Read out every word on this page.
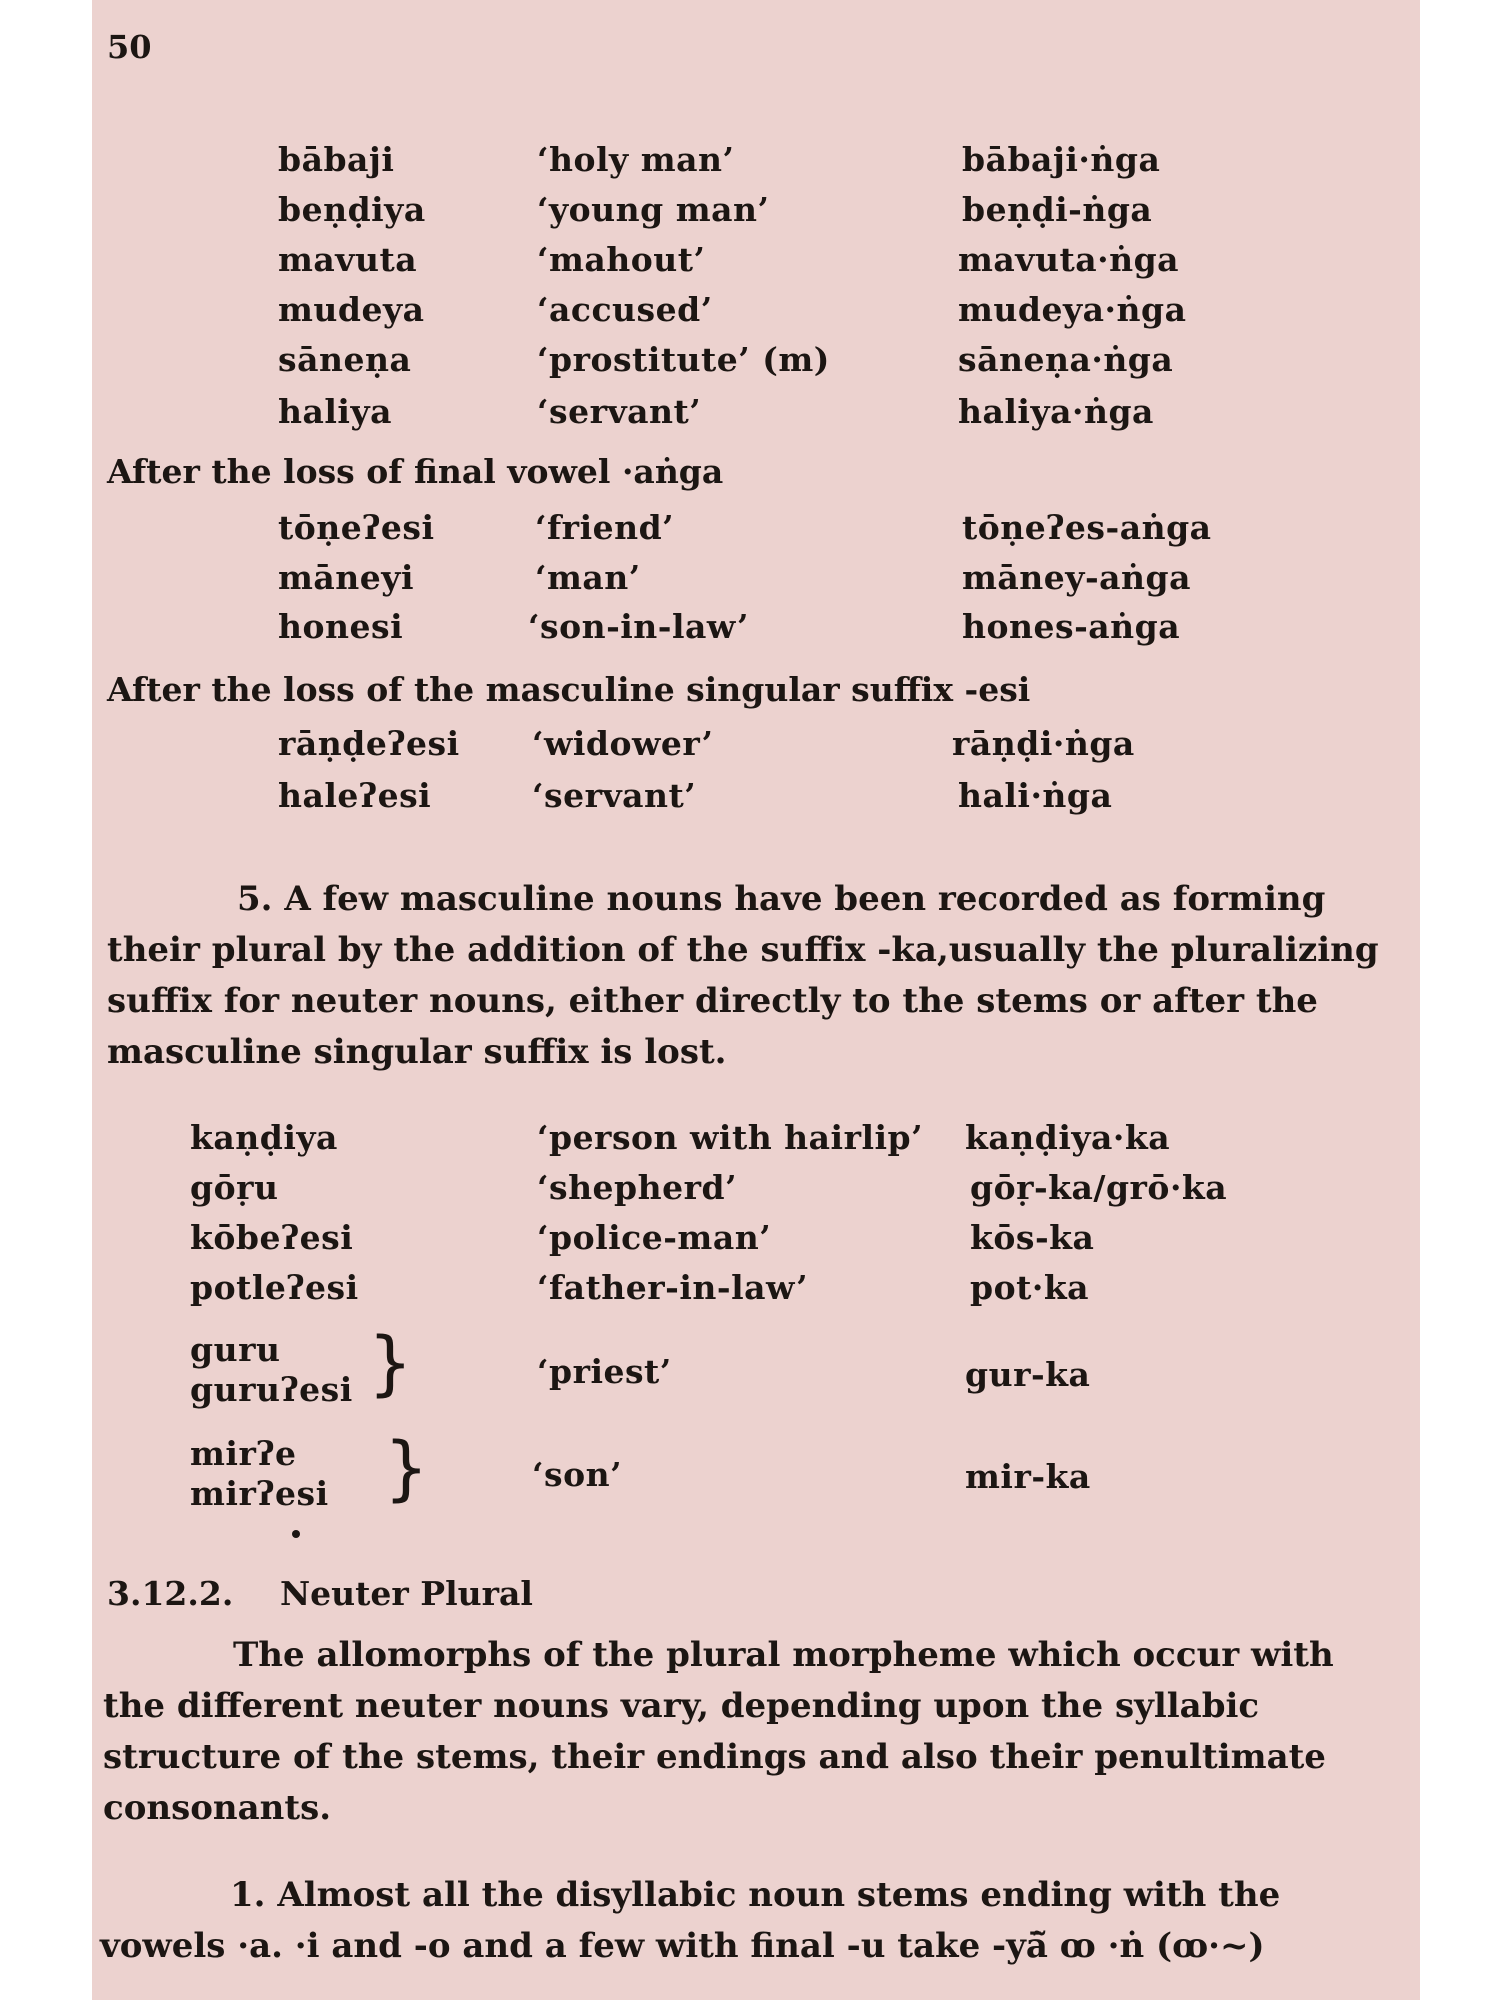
50
bābaji	‘holy man’	bābaji·ṅga
beṇḍiya	‘young man’	beṇḍi-ṅga
mavuta	‘mahout’	mavuta·ṅga
mudeya	‘accused’	mudeya·ṅga
sāneṇa	‘prostitute’ (m)	sāneṇa·ṅga
haliya	‘servant’	haliya·ṅga
After the loss of final vowel ·aṅga
tōṇeʔesi	‘friend’	tōṇeʔes-aṅga
māneyi	‘man’	māney-aṅga
honesi	‘son-in-law’	hones-aṅga
After the loss of the masculine singular suffix -esi
rāṇḍeʔesi ‘widower’	rāṇḍi·ṅga
haleʔesi	‘servant’	hali·ṅga
5. A few masculine nouns have been recorded as forming
their plural by the addition of the suffix -ka,usually the pluralizing
suffix for neuter nouns, either directly to the stems or after the
masculine singular suffix is lost.
kaṇḍiya	‘person with hairlip’ kaṇḍiya·ka
gōṛu	‘shepherd’	gōṛ-ka/grō·ka
kōbeʔesi	‘police-man’	kōs-ka
potleʔesi	‘father-in-law’	pot·ka
guru
guruʔesi }	‘priest’	gur-ka
mirʔe
mirʔesi }	‘son’	mir-ka
3.12.2. Neuter Plural
The allomorphs of the plural morpheme which occur with
the different neuter nouns vary, depending upon the syllabic
structure of the stems, their endings and also their penultimate
consonants.
1. Almost all the disyllabic noun stems ending with the
vowels ·a. ·i and -o and a few with final -u take -yā̃ ꝏ ·ṅ (ꝏ·~)
